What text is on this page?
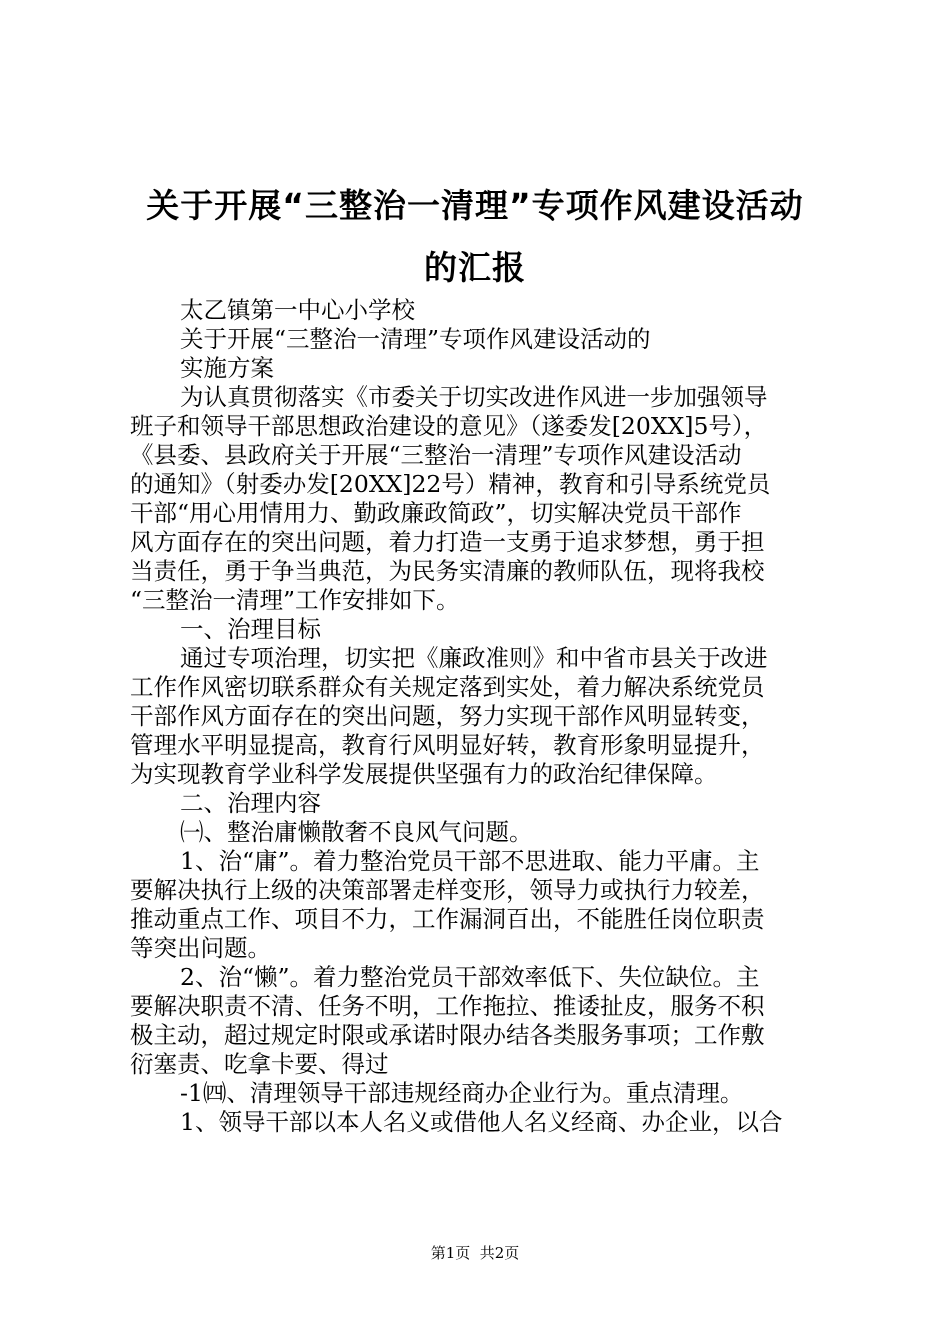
关于开展“三整治一清理”专项作风建设活动
的汇报
太乙镇第一中心小学校
关于开展“三整治一清理”专项作风建设活动的
实施方案
为认真贯彻落实《市委关于切实改进作风进一步加强领导
班子和领导干部思想政治建设的意见》（遂委发[20XX]5号），
《县委、县政府关于开展“三整治一清理”专项作风建设活动
的通知》（射委办发[20XX]22号）精神，教育和引导系统党员
干部“用心用情用力、勤政廉政简政”，切实解决党员干部作
风方面存在的突出问题，着力打造一支勇于追求梦想，勇于担
当责任，勇于争当典范，为民务实清廉的教师队伍，现将我校
“三整治一清理”工作安排如下。
一、治理目标
通过专项治理，切实把《廉政准则》和中省市县关于改进
工作作风密切联系群众有关规定落到实处，着力解决系统党员
干部作风方面存在的突出问题，努力实现干部作风明显转变，
管理水平明显提高，教育行风明显好转，教育形象明显提升，
为实现教育学业科学发展提供坚强有力的政治纪律保障。
二、治理内容
㈠、整治庸懒散奢不良风气问题。
1、治“庸”。着力整治党员干部不思进取、能力平庸。主
要解决执行上级的决策部署走样变形，领导力或执行力较差，
推动重点工作、项目不力，工作漏洞百出，不能胜任岗位职责
等突出问题。
2、治“懒”。着力整治党员干部效率低下、失位缺位。主
要解决职责不清、任务不明，工作拖拉、推诿扯皮，服务不积
极主动，超过规定时限或承诺时限办结各类服务事项；工作敷
衍塞责、吃拿卡要、得过
-1㈣、清理领导干部违规经商办企业行为。重点清理。
1、领导干部以本人名义或借他人名义经商、办企业，以合
第1页  共2页
